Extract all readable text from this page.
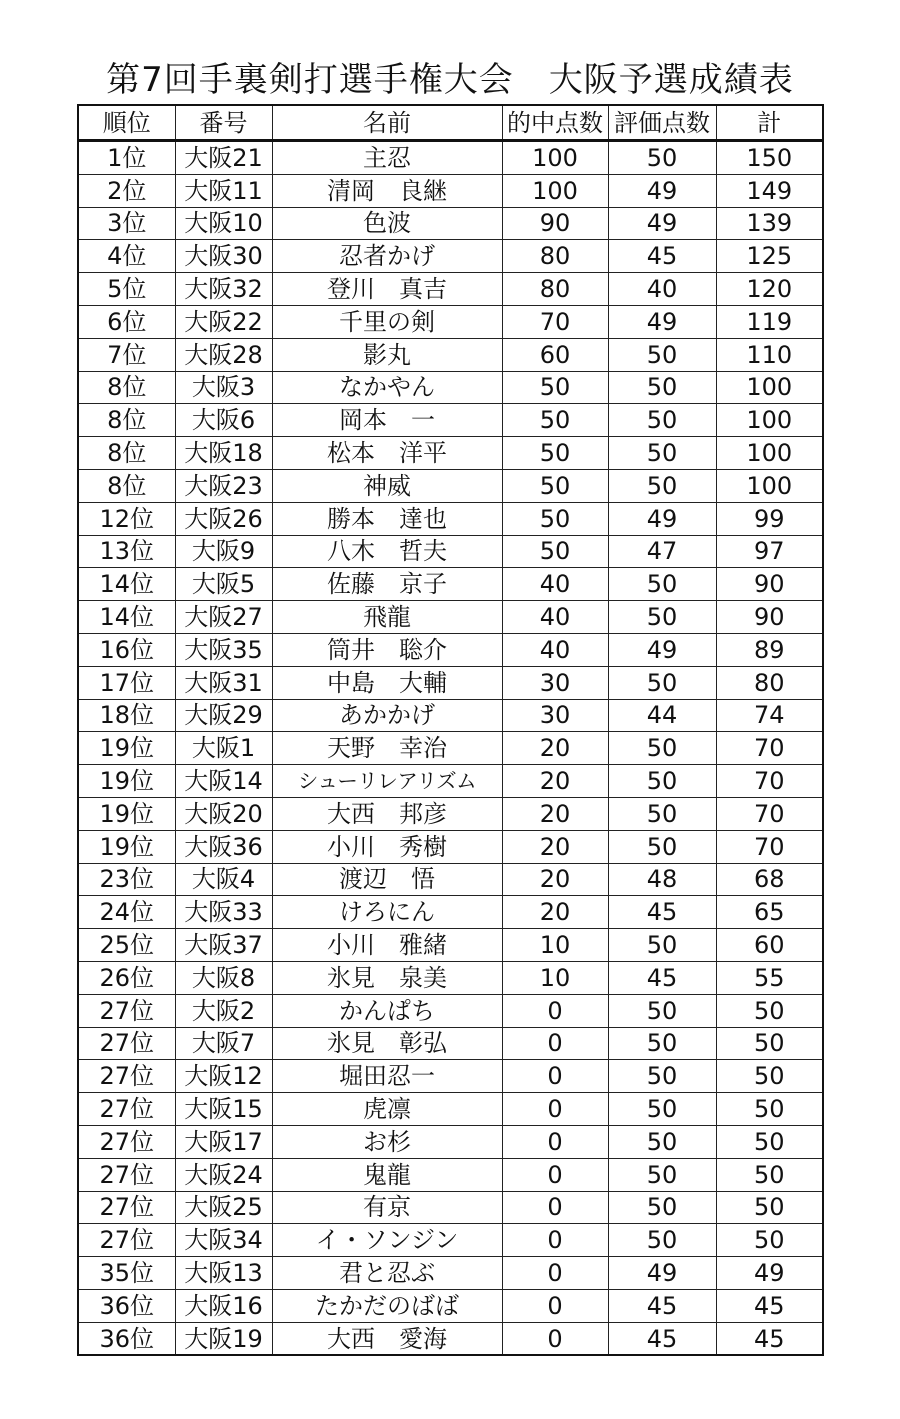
第7回手裏剣打選手権大会　大阪予選成績表
順位	番号	名前	的中点数	評価点数	計
1位	大阪21	主忍	100	50	150
2位	大阪11	清岡　良継	100	49	149
3位	大阪10	色波	90	49	139
4位	大阪30	忍者かげ	80	45	125
5位	大阪32	登川　真吉	80	40	120
6位	大阪22	千里の剣	70	49	119
7位	大阪28	影丸	60	50	110
8位	大阪3	なかやん	50	50	100
8位	大阪6	岡本　一	50	50	100
8位	大阪18	松本　洋平	50	50	100
8位	大阪23	神威	50	50	100
12位	大阪26	勝本　達也	50	49	99
13位	大阪9	八木　哲夫	50	47	97
14位	大阪5	佐藤　京子	40	50	90
14位	大阪27	飛龍	40	50	90
16位	大阪35	筒井　聡介	40	49	89
17位	大阪31	中島　大輔	30	50	80
18位	大阪29	あかかげ	30	44	74
19位	大阪1	天野　幸治	20	50	70
19位	大阪14	シューリレアリズム	20	50	70
19位	大阪20	大西　邦彦	20	50	70
19位	大阪36	小川　秀樹	20	50	70
23位	大阪4	渡辺　悟	20	48	68
24位	大阪33	けろにん	20	45	65
25位	大阪37	小川　雅緒	10	50	60
26位	大阪8	氷見　泉美	10	45	55
27位	大阪2	かんぱち	0	50	50
27位	大阪7	氷見　彰弘	0	50	50
27位	大阪12	堀田忍一	0	50	50
27位	大阪15	虎凛	0	50	50
27位	大阪17	お杉	0	50	50
27位	大阪24	鬼龍	0	50	50
27位	大阪25	有京	0	50	50
27位	大阪34	イ・ソンジン	0	50	50
35位	大阪13	君と忍ぶ	0	49	49
36位	大阪16	たかだのばば	0	45	45
36位	大阪19	大西　愛海	0	45	45
